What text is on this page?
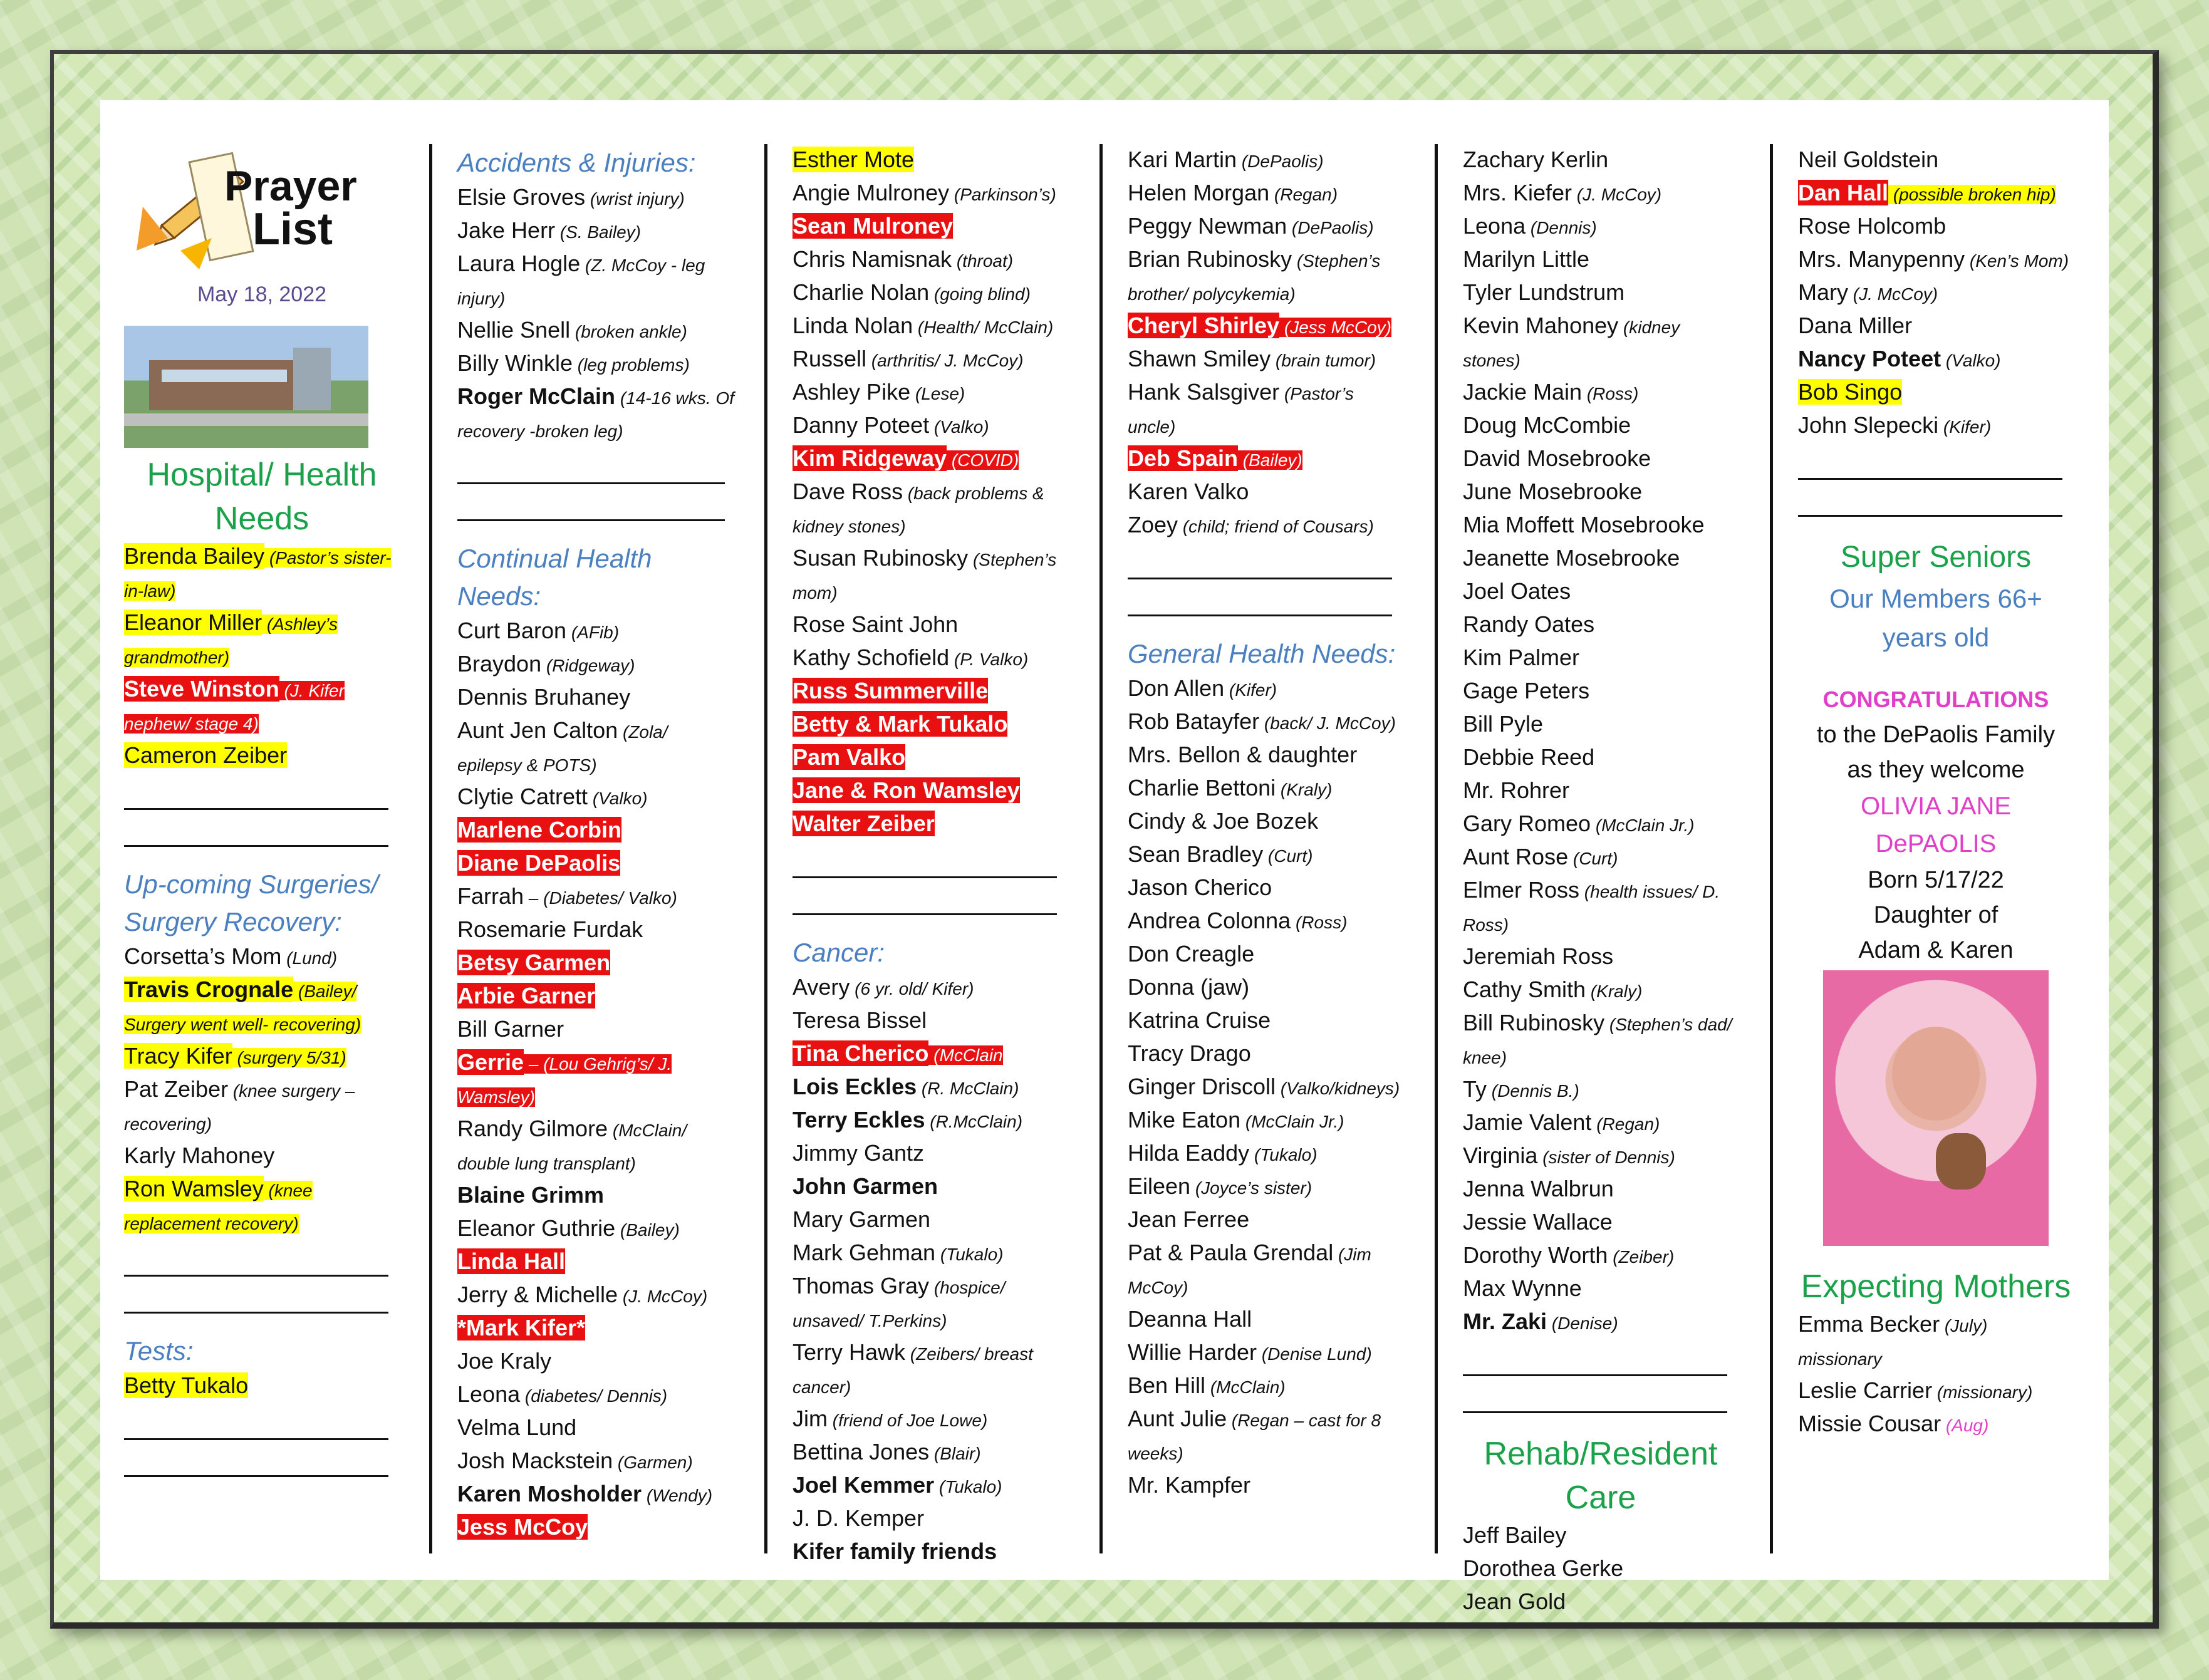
Prayer
List
May 18, 2022
Hospital/ Health Needs
Brenda Bailey (Pastor’s sister-in-law)
Eleanor Miller (Ashley’s grandmother)
Steve Winston (J. Kifer nephew/ stage 4)
Cameron Zeiber
Up-coming Surgeries/ Surgery Recovery:
Corsetta’s Mom (Lund)
Travis Crognale (Bailey/ Surgery went well- recovering)
Tracy Kifer (surgery 5/31)
Pat Zeiber (knee surgery – recovering)
Karly Mahoney
Ron Wamsley (knee replacement recovery)
Tests:
Betty Tukalo
Accidents & Injuries:
Elsie Groves (wrist injury)
Jake Herr (S. Bailey)
Laura Hogle (Z. McCoy - leg injury)
Nellie Snell (broken ankle)
Billy Winkle (leg problems)
Roger McClain (14-16 wks. Of recovery -broken leg)
Continual Health Needs:
Curt Baron (AFib)
Braydon (Ridgeway)
Dennis Bruhaney
Aunt Jen Calton (Zola/ epilepsy & POTS)
Clytie Catrett (Valko)
Marlene Corbin
Diane DePaolis
Farrah – (Diabetes/ Valko)
Rosemarie Furdak
Betsy Garmen
Arbie Garner
Bill Garner
Gerrie – (Lou Gehrig’s/ J. Wamsley)
Randy Gilmore (McClain/ double lung transplant)
Blaine Grimm
Eleanor Guthrie (Bailey)
Linda Hall
Jerry & Michelle (J. McCoy)
*Mark Kifer*
Joe Kraly
Leona (diabetes/ Dennis)
Velma Lund
Josh Mackstein (Garmen)
Karen Mosholder (Wendy)
Jess McCoy
Esther Mote
Angie Mulroney (Parkinson’s)
Sean Mulroney
Chris Namisnak (throat)
Charlie Nolan (going blind)
Linda Nolan (Health/ McClain)
Russell (arthritis/ J. McCoy)
Ashley Pike (Lese)
Danny Poteet (Valko)
Kim Ridgeway (COVID)
Dave Ross (back problems & kidney stones)
Susan Rubinosky (Stephen’s mom)
Rose Saint John
Kathy Schofield (P. Valko)
Russ Summerville
Betty & Mark Tukalo
Pam Valko
Jane & Ron Wamsley
Walter Zeiber
Cancer:
Avery (6 yr. old/ Kifer)
Teresa Bissel
Tina Cherico (McClain
Lois Eckles (R. McClain)
Terry Eckles (R.McClain)
Jimmy Gantz
John Garmen
Mary Garmen
Mark Gehman (Tukalo)
Thomas Gray (hospice/ unsaved/ T.Perkins)
Terry Hawk (Zeibers/ breast cancer)
Jim (friend of Joe Lowe)
Bettina Jones (Blair)
Joel Kemmer (Tukalo)
J. D. Kemper
Kifer family friends
Kari Martin (DePaolis)
Helen Morgan (Regan)
Peggy Newman (DePaolis)
Brian Rubinosky (Stephen’s brother/ polycykemia)
Cheryl Shirley (Jess McCoy)
Shawn Smiley (brain tumor)
Hank Salsgiver (Pastor’s uncle)
Deb Spain (Bailey)
Karen Valko
Zoey (child; friend of Cousars)
General Health Needs:
Don Allen (Kifer)
Rob Batayfer (back/ J. McCoy)
Mrs. Bellon & daughter
Charlie Bettoni (Kraly)
Cindy & Joe Bozek
Sean Bradley (Curt)
Jason Cherico
Andrea Colonna (Ross)
Don Creagle
Donna (jaw)
Katrina Cruise
Tracy Drago
Ginger Driscoll (Valko/kidneys)
Mike Eaton (McClain Jr.)
Hilda Eaddy (Tukalo)
Eileen (Joyce’s sister)
Jean Ferree
Pat & Paula Grendal (Jim McCoy)
Deanna Hall
Willie Harder (Denise Lund)
Ben Hill (McClain)
Aunt Julie (Regan – cast for 8 weeks)
Mr. Kampfer
Zachary Kerlin
Mrs. Kiefer (J. McCoy)
Leona (Dennis)
Marilyn Little
Tyler Lundstrum
Kevin Mahoney (kidney stones)
Jackie Main (Ross)
Doug McCombie
David Mosebrooke
June Mosebrooke
Mia Moffett Mosebrooke
Jeanette Mosebrooke
Joel Oates
Randy Oates
Kim Palmer
Gage Peters
Bill Pyle
Debbie Reed
Mr. Rohrer
Gary Romeo (McClain Jr.)
Aunt Rose (Curt)
Elmer Ross (health issues/ D. Ross)
Jeremiah Ross
Cathy Smith (Kraly)
Bill Rubinosky (Stephen’s dad/ knee)
Ty (Dennis B.)
Jamie Valent (Regan)
Virginia (sister of Dennis)
Jenna Walbrun
Jessie Wallace
Dorothy Worth (Zeiber)
Max Wynne
Mr. Zaki (Denise)
Rehab/Resident Care
Jeff Bailey
Dorothea Gerke
Jean Gold
Neil Goldstein
Dan Hall (possible broken hip)
Rose Holcomb
Mrs. Manypenny (Ken’s Mom)
Mary (J. McCoy)
Dana Miller
Nancy Poteet (Valko)
Bob Singo
John Slepecki (Kifer)
Super Seniors
Our Members 66+ years old
CONGRATULATIONS
to the DePaolis Family
as they welcome
OLIVIA JANE DePAOLIS
Born 5/17/22
Daughter of
Adam & Karen
Expecting Mothers
Emma Becker (July) missionary
Leslie Carrier (missionary)
Missie Cousar (Aug)
